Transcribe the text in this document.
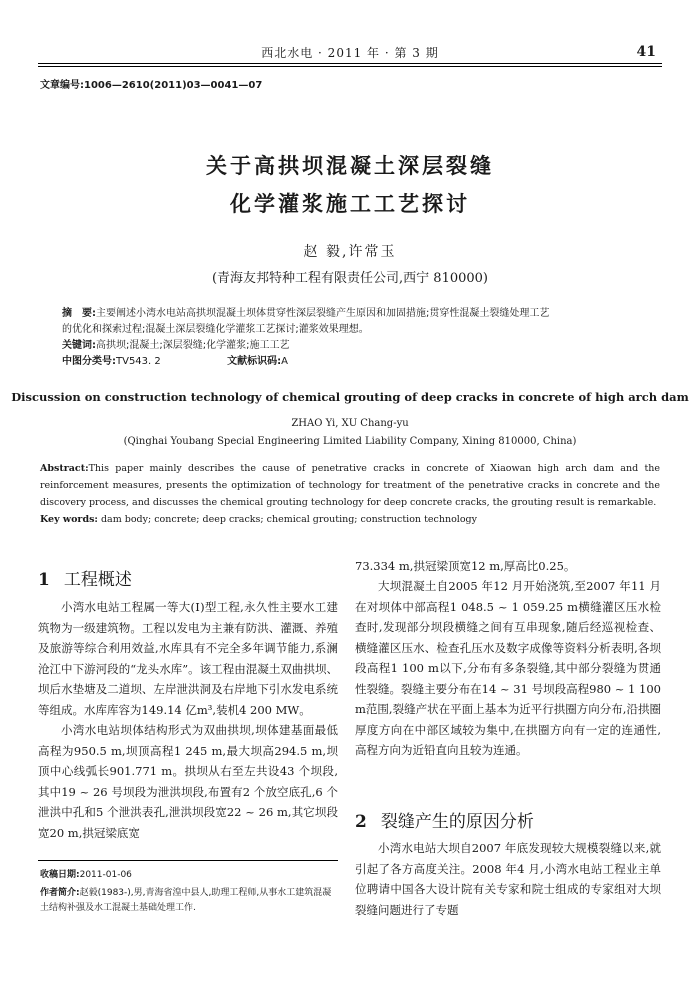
西北水电 · 2011 年 · 第 3 期	41
文章编号:1006—2610(2011)03—0041—07
关于高拱坝混凝土深层裂缝
化学灌浆施工工艺探讨
赵 毅,许常玉
(青海友邦特种工程有限责任公司,西宁 810000)
摘　要:主要阐述小湾水电站高拱坝混凝土坝体贯穿性深层裂缝产生原因和加固措施;贯穿性混凝土裂缝处理工艺
的优化和探索过程;混凝土深层裂缝化学灌浆工艺探讨;灌浆效果理想。
关键词:高拱坝;混凝土;深层裂缝;化学灌浆;施工工艺
中图分类号:TV543. 2	文献标识码:A
Discussion on construction technology of chemical grouting of deep cracks in concrete of high arch dam
ZHAO Yi, XU Chang-yu
(Qinghai Youbang Special Engineering Limited Liability Company, Xining 810000, China)
Abstract:This paper mainly describes the cause of penetrative cracks in concrete of Xiaowan high arch dam and the reinforcement measures, presents the optimization of technology for treatment of the penetrative cracks in concrete and the discovery process, and discusses the chemical grouting technology for deep concrete cracks, the grouting result is remarkable.
Key words: dam body; concrete; deep cracks; chemical grouting; construction technology
1 工程概述
小湾水电站工程属一等大(Ⅰ)型工程,永久性主要水工建筑物为一级建筑物。工程以发电为主兼有防洪、灌溉、养殖及旅游等综合利用效益,水库具有不完全多年调节能力,系澜沧江中下游河段的“龙头水库”。该工程由混凝土双曲拱坝、坝后水垫塘及二道坝、左岸泄洪洞及右岸地下引水发电系统等组成。水库库容为149.14 亿m³,装机4 200 MW。
小湾水电站坝体结构形式为双曲拱坝,坝体建基面最低高程为950.5 m,坝顶高程1 245 m,最大坝高294.5 m,坝顶中心线弧长901.771 m。拱坝从右至左共设43 个坝段,其中19 ~ 26 号坝段为泄洪坝段,布置有2 个放空底孔,6 个泄洪中孔和5 个泄洪表孔,泄洪坝段宽22 ~ 26 m,其它坝段宽20 m,拱冠梁底宽
收稿日期:2011-01-06
作者简介:赵毅(1983-),男,青海省湟中县人,助理工程师,从事水工建筑混凝土结构补强及水工混凝土基础处理工作.
73.334 m,拱冠梁顶宽12 m,厚高比0.25。
大坝混凝土自2005 年12 月开始浇筑,至2007 年11 月在对坝体中部高程1 048.5 ~ 1 059.25 m横缝灌区压水检查时,发现部分坝段横缝之间有互串现象,随后经巡视检查、横缝灌区压水、检查孔压水及数字成像等资料分析表明,各坝段高程1 100 m以下,分布有多条裂缝,其中部分裂缝为贯通性裂缝。裂缝主要分布在14 ~ 31 号坝段高程980 ~ 1 100 m范围,裂缝产状在平面上基本为近平行拱圈方向分布,沿拱圈厚度方向在中部区域较为集中,在拱圈方向有一定的连通性,高程方向为近铅直向且较为连通。
2 裂缝产生的原因分析
小湾水电站大坝自2007 年底发现较大规模裂缝以来,就引起了各方高度关注。2008 年4 月,小湾水电站工程业主单位聘请中国各大设计院有关专家和院士组成的专家组对大坝裂缝问题进行了专题
